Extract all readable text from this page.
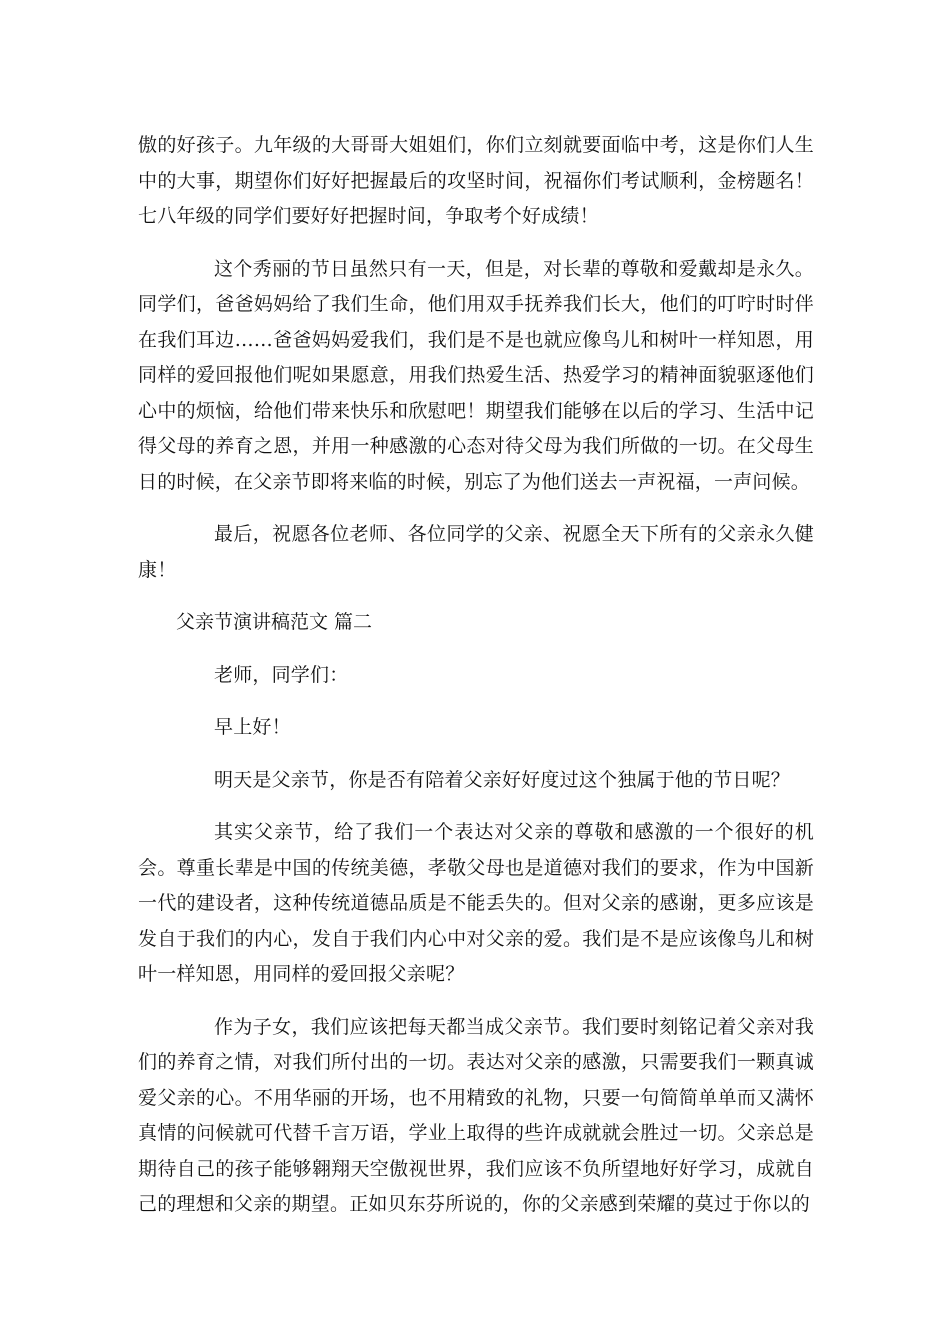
傲的好孩子。九年级的大哥哥大姐姐们，你们立刻就要面临中考，这是你们人生中的大事，期望你们好好把握最后的攻坚时间，祝福你们考试顺利，金榜题名！七八年级的同学们要好好把握时间，争取考个好成绩！

这个秀丽的节日虽然只有一天，但是，对长辈的尊敬和爱戴却是永久。同学们，爸爸妈妈给了我们生命，他们用双手抚养我们长大，他们的叮咛时时伴在我们耳边……爸爸妈妈爱我们，我们是不是也就应像鸟儿和树叶一样知恩，用同样的爱回报他们呢如果愿意，用我们热爱生活、热爱学习的精神面貌驱逐他们心中的烦恼，给他们带来快乐和欣慰吧！期望我们能够在以后的学习、生活中记得父母的养育之恩，并用一种感激的心态对待父母为我们所做的一切。在父母生日的时候，在父亲节即将来临的时候，别忘了为他们送去一声祝福，一声问候。

最后，祝愿各位老师、各位同学的父亲、祝愿全天下所有的父亲永久健康！

父亲节演讲稿范文 篇二

老师，同学们：

早上好！

明天是父亲节，你是否有陪着父亲好好度过这个独属于他的节日呢？

其实父亲节，给了我们一个表达对父亲的尊敬和感激的一个很好的机会。尊重长辈是中国的传统美德，孝敬父母也是道德对我们的要求，作为中国新一代的建设者，这种传统道德品质是不能丢失的。但对父亲的感谢，更多应该是发自于我们的内心，发自于我们内心中对父亲的爱。我们是不是应该像鸟儿和树叶一样知恩，用同样的爱回报父亲呢？

作为子女，我们应该把每天都当成父亲节。我们要时刻铭记着父亲对我们的养育之情，对我们所付出的一切。表达对父亲的感激，只需要我们一颗真诚爱父亲的心。不用华丽的开场，也不用精致的礼物，只要一句简简单单而又满怀真情的问候就可代替千言万语，学业上取得的些许成就就会胜过一切。父亲总是期待自己的孩子能够翱翔天空傲视世界，我们应该不负所望地好好学习，成就自己的理想和父亲的期望。正如贝东芬所说的，你的父亲感到荣耀的莫过于你以的
